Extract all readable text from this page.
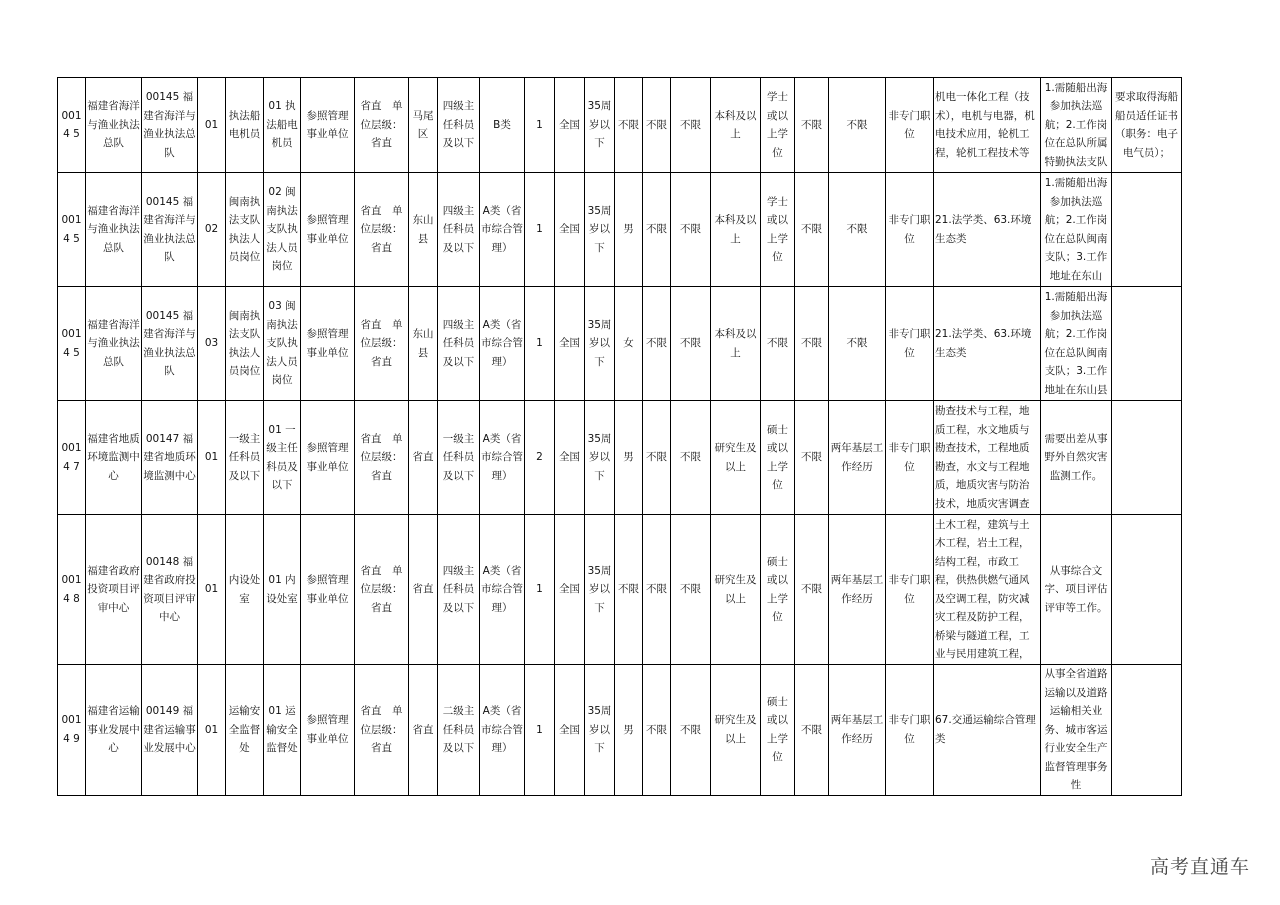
0014 5	福建省海洋与渔业执法总队	00145 福建省海洋与渔业执法总队	01	执法船电机员	01 执法船电机员	参照管理事业单位	省直　单位层级：省直	马尾区	四级主任科员及以下	B类	1	全国	35周岁以下	不限	不限	不限	本科及以上	学士或以上学位	不限	不限	非专门职位	机电一体化工程（技术），电机与电器，机电技术应用，轮机工程，轮机工程技术等	1.需随船出海参加执法巡航；2.工作岗位在总队所属特勤执法支队	要求取得海船船员适任证书（职务：电子电气员）；
0014 5	福建省海洋与渔业执法总队	00145 福建省海洋与渔业执法总队	02	闽南执法支队执法人员岗位	02 闽南执法支队执法人员岗位	参照管理事业单位	省直　单位层级：省直	东山县	四级主任科员及以下	A类（省市综合管理）	1	全国	35周岁以下	男	不限	不限	本科及以上	学士或以上学位	不限	不限	非专门职位	21.法学类、63.环境生态类	1.需随船出海参加执法巡航；2.工作岗位在总队闽南支队；3.工作地址在东山	
0014 5	福建省海洋与渔业执法总队	00145 福建省海洋与渔业执法总队	03	闽南执法支队执法人员岗位	03 闽南执法支队执法人员岗位	参照管理事业单位	省直　单位层级：省直	东山县	四级主任科员及以下	A类（省市综合管理）	1	全国	35周岁以下	女	不限	不限	本科及以上	不限	不限	不限	非专门职位	21.法学类、63.环境生态类	1.需随船出海参加执法巡航；2.工作岗位在总队闽南支队；3.工作地址在东山县	
0014 7	福建省地质环境监测中心	00147 福建省地质环境监测中心	01	一级主任科员及以下	01 一级主任科员及以下	参照管理事业单位	省直　单位层级：省直	省直	一级主任科员及以下	A类（省市综合管理）	2	全国	35周岁以下	男	不限	不限	研究生及以上	硕士或以上学位	不限	两年基层工作经历	非专门职位	勘查技术与工程，地质工程，水文地质与勘查技术，工程地质勘查，水文与工程地质，地质灾害与防治技术，地质灾害调查	需要出差从事野外自然灾害监测工作。	
0014 8	福建省政府投资项目评审中心	00148 福建省政府投资项目评审中心	01	内设处室	01 内设处室	参照管理事业单位	省直　单位层级：省直	省直	四级主任科员及以下	A类（省市综合管理）	1	全国	35周岁以下	不限	不限	不限	研究生及以上	硕士或以上学位	不限	两年基层工作经历	非专门职位	土木工程，建筑与土木工程，岩土工程，结构工程，市政工程，供热供燃气通风及空调工程，防灾减灾工程及防护工程，桥梁与隧道工程，工业与民用建筑工程，	从事综合文字、项目评估评审等工作。	
0014 9	福建省运输事业发展中心	00149 福建省运输事业发展中心	01	运输安全监督处	01 运输安全监督处	参照管理事业单位	省直　单位层级：省直	省直	二级主任科员及以下	A类（省市综合管理）	1	全国	35周岁以下	男	不限	不限	研究生及以上	硕士或以上学位	不限	两年基层工作经历	非专门职位	67.交通运输综合管理类	从事全省道路运输以及道路运输相关业务、城市客运行业安全生产监督管理事务性	
高考直通车
